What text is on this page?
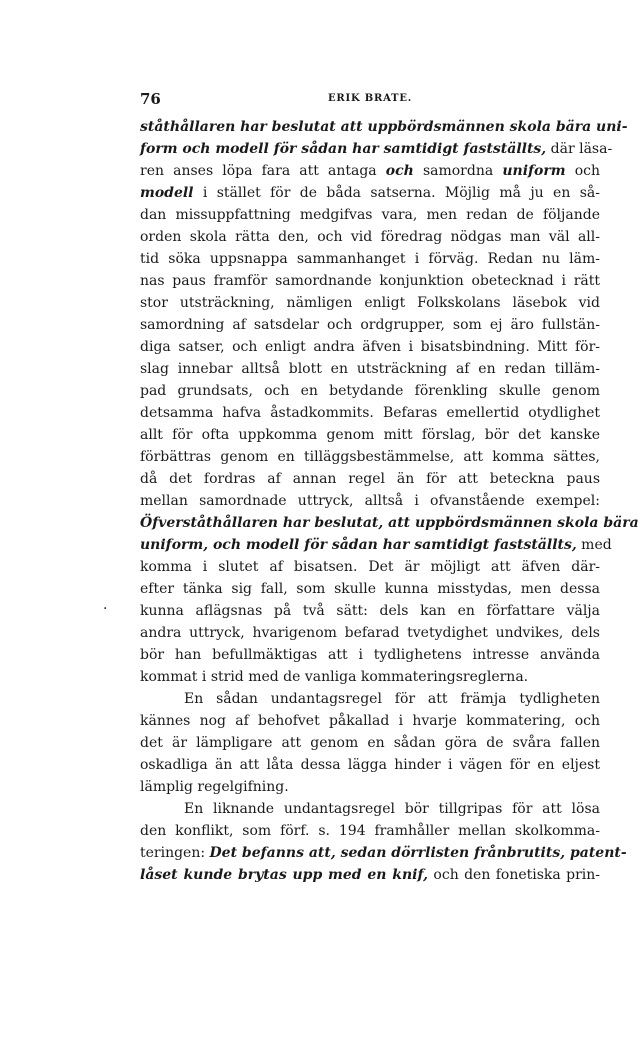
76	ERIK BRATE.
·
ståthållaren har beslutat att uppbördsmännen skola bära uni-
form och modell för sådan har samtidigt fastställts, där läsa-
ren anses löpa fara att antaga och samordna uniform och
modell i stället för de båda satserna. Möjlig må ju en så-
dan missuppfattning medgifvas vara, men redan de följande
orden skola rätta den, och vid föredrag nödgas man väl all-
tid söka uppsnappa sammanhanget i förväg. Redan nu läm-
nas paus framför samordnande konjunktion obetecknad i rätt
stor utsträckning, nämligen enligt Folkskolans läsebok vid
samordning af satsdelar och ordgrupper, som ej äro fullstän-
diga satser, och enligt andra äfven i bisatsbindning. Mitt för-
slag innebar alltså blott en utsträckning af en redan tilläm-
pad grundsats, och en betydande förenkling skulle genom
detsamma hafva åstadkommits. Befaras emellertid otydlighet
allt för ofta uppkomma genom mitt förslag, bör det kanske
förbättras genom en tilläggsbestämmelse, att komma sättes,
då det fordras af annan regel än för att beteckna paus
mellan samordnade uttryck, alltså i ofvanstående exempel:
Öfverståthållaren har beslutat, att uppbördsmännen skola bära
uniform, och modell för sådan har samtidigt fastställts, med
komma i slutet af bisatsen. Det är möjligt att äfven där-
efter tänka sig fall, som skulle kunna misstydas, men dessa
kunna aflägsnas på två sätt: dels kan en författare välja
andra uttryck, hvarigenom befarad tvetydighet undvikes, dels
bör han befullmäktigas att i tydlighetens intresse använda
kommat i strid med de vanliga kommateringsreglerna.
En sådan undantagsregel för att främja tydligheten
kännes nog af behofvet påkallad i hvarje kommatering, och
det är lämpligare att genom en sådan göra de svåra fallen
oskadliga än att låta dessa lägga hinder i vägen för en eljest
lämplig regelgifning.
En liknande undantagsregel bör tillgripas för att lösa
den konflikt, som förf. s. 194 framhåller mellan skolkomma-
teringen: Det befanns att, sedan dörrlisten frånbrutits, patent-
låset kunde brytas upp med en knif, och den fonetiska prin-
